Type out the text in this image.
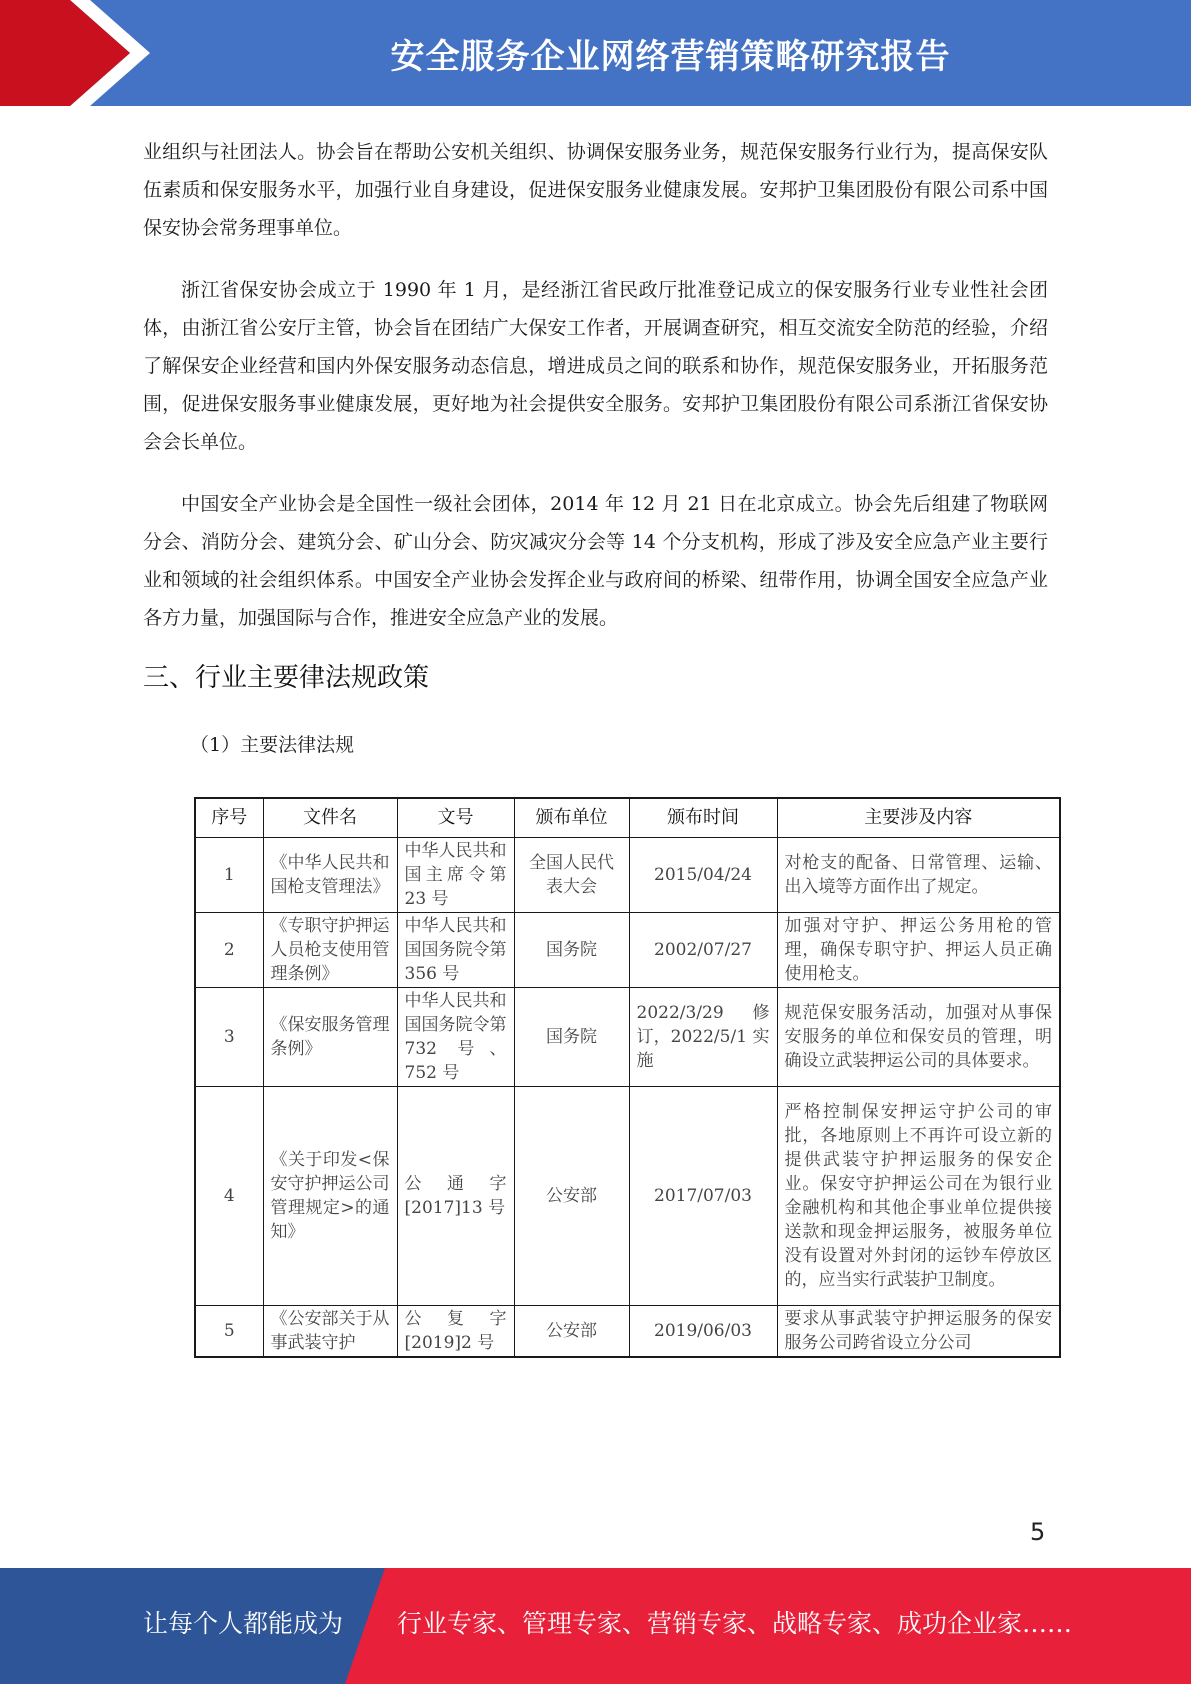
安全服务企业网络营销策略研究报告

业组织与社团法人。协会旨在帮助公安机关组织、协调保安服务业务，规范保安服务行业行为，提高保安队伍素质和保安服务水平，加强行业自身建设，促进保安服务业健康发展。安邦护卫集团股份有限公司系中国保安协会常务理事单位。

浙江省保安协会成立于 1990 年 1 月，是经浙江省民政厅批准登记成立的保安服务行业专业性社会团体，由浙江省公安厅主管，协会旨在团结广大保安工作者，开展调查研究，相互交流安全防范的经验，介绍了解保安企业经营和国内外保安服务动态信息，增进成员之间的联系和协作，规范保安服务业，开拓服务范围，促进保安服务事业健康发展，更好地为社会提供安全服务。安邦护卫集团股份有限公司系浙江省保安协会会长单位。

中国安全产业协会是全国性一级社会团体，2014 年 12 月 21 日在北京成立。协会先后组建了物联网分会、消防分会、建筑分会、矿山分会、防灾减灾分会等 14 个分支机构，形成了涉及安全应急产业主要行业和领域的社会组织体系。中国安全产业协会发挥企业与政府间的桥梁、纽带作用，协调全国安全应急产业各方力量，加强国际与合作，推进安全应急产业的发展。

三、行业主要律法规政策
（1）主要法律法规
序号	文件名	文号	颁布单位	颁布时间	主要涉及内容
1	《中华人民共和国枪支管理法》	中华人民共和国主席令第 23 号	全国人民代表大会	2015/04/24	对枪支的配备、日常管理、运输、出入境等方面作出了规定。
2	《专职守护押运人员枪支使用管理条例》	中华人民共和国国务院令第 356 号	国务院	2002/07/27	加强对守护、押运公务用枪的管理，确保专职守护、押运人员正确使用枪支。
3	《保安服务管理条例》	中华人民共和国国务院令第 732 号、752 号	国务院	2022/3/29 修订，2022/5/1 实施	规范保安服务活动，加强对从事保安服务的单位和保安员的管理，明确设立武装押运公司的具体要求。
4	《关于印发<保安守护押运公司管理规定>的通知》	公通字[2017]13 号	公安部	2017/07/03	严格控制保安押运守护公司的审批，各地原则上不再许可设立新的提供武装守护押运服务的保安企业。保安守护押运公司在为银行业金融机构和其他企事业单位提供接送款和现金押运服务，被服务单位没有设置对外封闭的运钞车停放区的，应当实行武装护卫制度。
5	《公安部关于从事武装守护	公复字[2019]2 号	公安部	2019/06/03	要求从事武装守护押运服务的保安服务公司跨省设立分公司
5
让每个人都能成为 行业专家、管理专家、营销专家、战略专家、成功企业家……
